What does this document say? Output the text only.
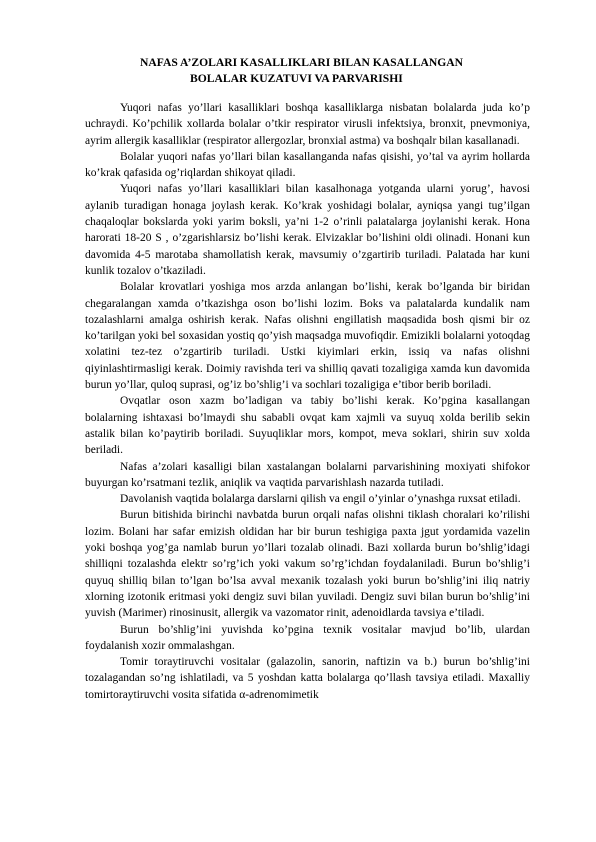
NAFAS A’ZOLARI KASALLIKLARI BILAN KASALLANGAN
BOLALAR KUZATUVI VA PARVARISHI

Yuqori nafas yo’llari kasalliklari boshqa kasalliklarga nisbatan bolalarda juda ko’p uchraydi. Ko’pchilik xollarda bolalar o’tkir respirator virusli infektsiya, bronxit, pnevmoniya, ayrim allergik kasalliklar (respirator allergozlar, bronxial astma) va boshqalr bilan kasallanadi.

Bolalar yuqori nafas yo’llari bilan kasallanganda nafas qisishi, yo’tal va ayrim hollarda ko’krak qafasida og’riqlardan shikoyat qiladi.

Yuqori nafas yo’llari kasalliklari bilan kasalhonaga yotganda ularni yorug’, havosi aylanib turadigan honaga joylash kerak. Ko’krak yoshidagi bolalar, ayniqsa yangi tug’ilgan chaqaloqlar bokslarda yoki yarim boksli, ya’ni 1-2 o’rinli palatalarga joylanishi kerak. Hona harorati 18-20 S , o’zgarishlarsiz bo’lishi kerak. Elvizaklar bo’lishini oldi olinadi. Honani kun davomida 4-5 marotaba shamollatish kerak, mavsumiy o’zgartirib turiladi. Palatada har kuni kunlik tozalov o’tkaziladi.

Bolalar krovatlari yoshiga mos arzda anlangan bo’lishi, kerak bo’lganda bir biridan chegaralangan xamda o’tkazishga oson bo’lishi lozim. Boks va palatalarda kundalik nam tozalashlarni amalga oshirish kerak. Nafas olishni engillatish maqsadida bosh qismi bir oz ko’tarilgan yoki bel soxasidan yostiq qo’yish maqsadga muvofiqdir. Emizikli bolalarni yotoqdag xolatini tez-tez o’zgartirib turiladi. Ustki kiyimlari erkin, issiq va nafas olishni qiyinlashtirmasligi kerak. Doimiy ravishda teri va shilliq qavati tozaligiga xamda kun davomida burun yo’llar, quloq suprasi, og’iz bo’shlig’i va sochlari tozaligiga e’tibor berib boriladi.

Ovqatlar oson xazm bo’ladigan va tabiy bo’lishi kerak. Ko’pgina kasallangan bolalarning ishtaxasi bo’lmaydi shu sababli ovqat kam xajmli va suyuq xolda berilib sekin astalik bilan ko’paytirib boriladi. Suyuqliklar mors, kompot, meva soklari, shirin suv xolda beriladi.

Nafas a’zolari kasalligi bilan xastalangan bolalarni parvarishining moxiyati shifokor buyurgan ko’rsatmani tezlik, aniqlik va vaqtida parvarishlash nazarda tutiladi.

Davolanish vaqtida bolalarga darslarni qilish va engil o’yinlar o’ynashga ruxsat etiladi.

Burun bitishida birinchi navbatda burun orqali nafas olishni tiklash choralari ko’rilishi lozim. Bolani har safar emizish oldidan har bir burun teshigiga paxta jgut yordamida vazelin yoki boshqa yog’ga namlab burun yo’llari tozalab olinadi. Bazi xollarda burun bo’shlig’idagi shilliqni tozalashda elektr so’rg’ich yoki vakum so’rg’ichdan foydalaniladi. Burun bo’shlig’i quyuq shilliq bilan to’lgan bo’lsa avval mexanik tozalash yoki burun bo’shlig’ini iliq natriy xlorning izotonik eritmasi yoki dengiz suvi bilan yuviladi. Dengiz suvi bilan burun bo’shlig’ini yuvish (Marimer) rinosinusit, allergik va vazomator rinit, adenoidlarda tavsiya e’tiladi.

Burun bo’shlig’ini yuvishda ko’pgina texnik vositalar mavjud bo’lib, ulardan foydalanish xozir ommalashgan.

Tomir toraytiruvchi vositalar (galazolin, sanorin, naftizin va b.) burun bo’shlig’ini tozalagandan so’ng ishlatiladi, va 5 yoshdan katta bolalarga qo’llash tavsiya etiladi. Maxalliy tomirtoraytiruvchi vosita sifatida α-adrenomimetik
